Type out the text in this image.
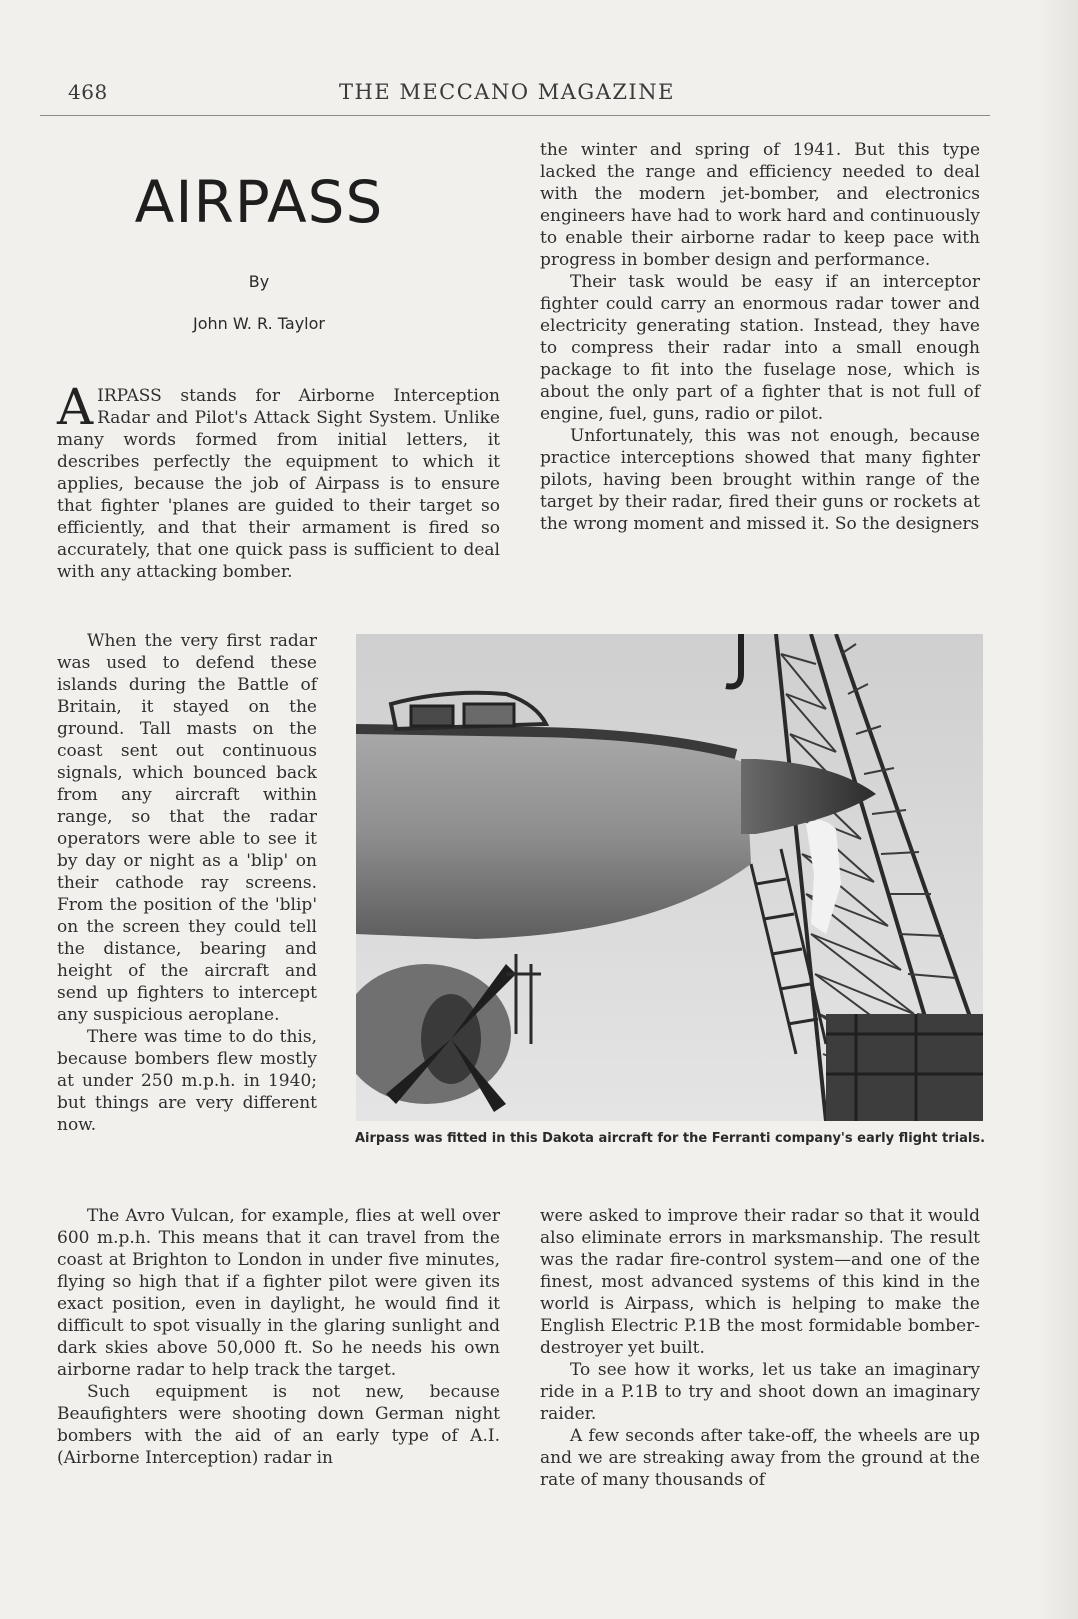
468	THE MECCANO MAGAZINE
AIRPASS
By
John W. R. Taylor

AIRPASS stands for Airborne Interception Radar and Pilot's Attack Sight System. Unlike many words formed from initial letters, it describes perfectly the equipment to which it applies, because the job of Airpass is to ensure that fighter 'planes are guided to their target so efficiently, and that their armament is fired so accurately, that one quick pass is sufficient to deal with any attacking bomber.

When the very first radar was used to defend these islands during the Battle of Britain, it stayed on the ground. Tall masts on the coast sent out continuous signals, which bounced back from any aircraft within range, so that the radar operators were able to see it by day or night as a 'blip' on their cathode ray screens. From the position of the 'blip' on the screen they could tell the distance, bearing and height of the aircraft and send up fighters to intercept any suspicious aeroplane.

There was time to do this, because bombers flew mostly at under 250 m.p.h. in 1940; but things are very different now.

The Avro Vulcan, for example, flies at well over 600 m.p.h. This means that it can travel from the coast at Brighton to London in under five minutes, flying so high that if a fighter pilot were given its exact position, even in daylight, he would find it difficult to spot visually in the glaring sunlight and dark skies above 50,000 ft. So he needs his own airborne radar to help track the target.

Such equipment is not new, because Beaufighters were shooting down German night bombers with the aid of an early type of A.I. (Airborne Interception) radar in

the winter and spring of 1941. But this type lacked the range and efficiency needed to deal with the modern jet-bomber, and electronics engineers have had to work hard and continuously to enable their airborne radar to keep pace with progress in bomber design and performance.

Their task would be easy if an interceptor fighter could carry an enormous radar tower and electricity generating station. Instead, they have to compress their radar into a small enough package to fit into the fuselage nose, which is about the only part of a fighter that is not full of engine, fuel, guns, radio or pilot.

Unfortunately, this was not enough, because practice interceptions showed that many fighter pilots, having been brought within range of the target by their radar, fired their guns or rockets at the wrong moment and missed it. So the designers

were asked to improve their radar so that it would also eliminate errors in marksmanship. The result was the radar fire-control system—and one of the finest, most advanced systems of this kind in the world is Airpass, which is helping to make the English Electric P.1B the most formidable bomber-destroyer yet built.

To see how it works, let us take an imaginary ride in a P.1B to try and shoot down an imaginary raider.

A few seconds after take-off, the wheels are up and we are streaking away from the ground at the rate of many thousands of

Airpass was fitted in this Dakota aircraft for the Ferranti company's early flight trials.
